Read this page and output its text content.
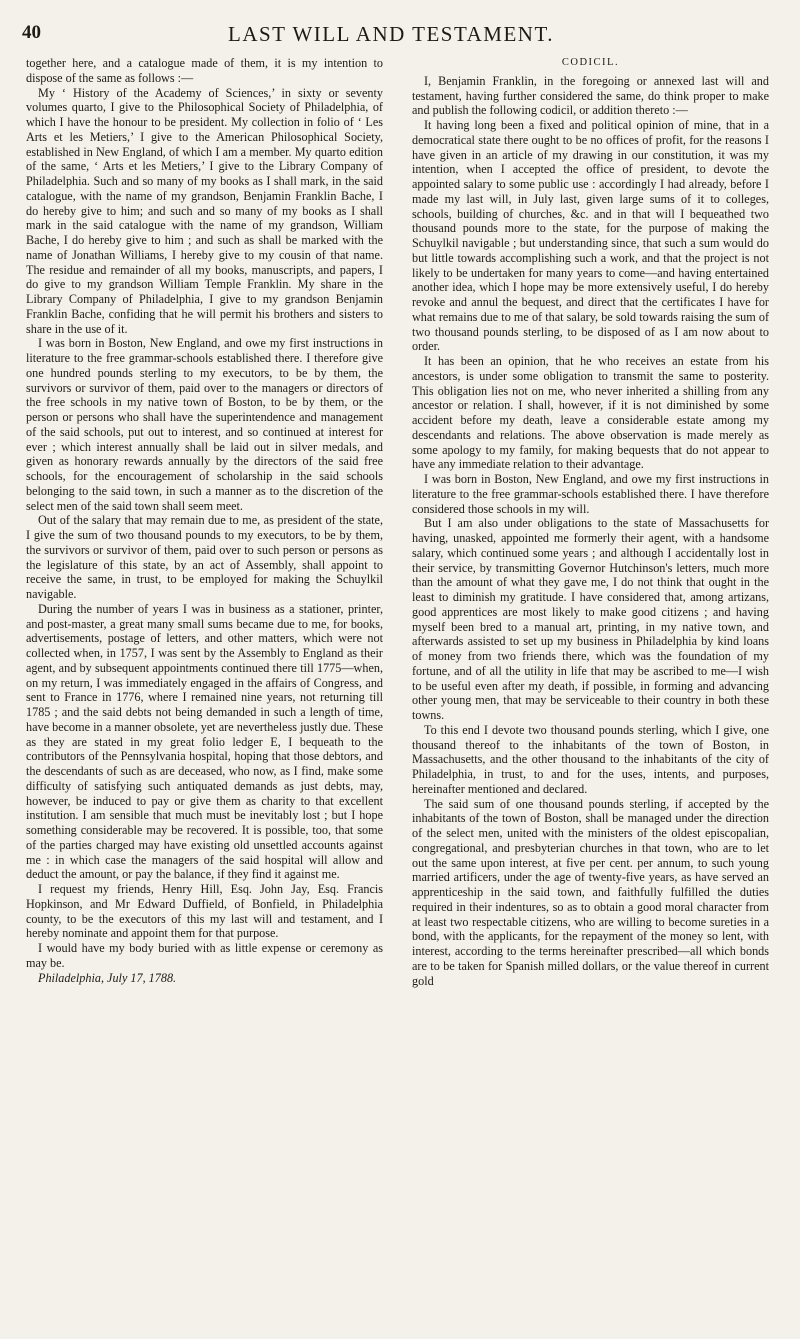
40	LAST WILL AND TESTAMENT.

together here, and a catalogue made of them, it is my intention to dispose of the same as follows :—

My ‘ History of the Academy of Sciences,’ in sixty or seventy volumes quarto, I give to the Philosophical Society of Philadelphia, of which I have the honour to be president. My collection in folio of ‘ Les Arts et les Metiers,’ I give to the American Philosophical Society, established in New England, of which I am a member. My quarto edition of the same, ‘ Arts et les Metiers,’ I give to the Library Company of Philadelphia. Such and so many of my books as I shall mark, in the said catalogue, with the name of my grandson, Benjamin Franklin Bache, I do hereby give to him; and such and so many of my books as I shall mark in the said catalogue with the name of my grandson, William Bache, I do hereby give to him ; and such as shall be marked with the name of Jonathan Williams, I hereby give to my cousin of that name. The residue and remainder of all my books, manuscripts, and papers, I do give to my grandson William Temple Franklin. My share in the Library Company of Philadelphia, I give to my grandson Benjamin Franklin Bache, confiding that he will permit his brothers and sisters to share in the use of it.

I was born in Boston, New England, and owe my first instructions in literature to the free grammar-schools established there. I therefore give one hundred pounds sterling to my executors, to be by them, the survivors or survivor of them, paid over to the managers or directors of the free schools in my native town of Boston, to be by them, or the person or persons who shall have the superintendence and management of the said schools, put out to interest, and so continued at interest for ever ; which interest annually shall be laid out in silver medals, and given as honorary rewards annually by the directors of the said free schools, for the encouragement of scholarship in the said schools belonging to the said town, in such a manner as to the discretion of the select men of the said town shall seem meet.

Out of the salary that may remain due to me, as president of the state, I give the sum of two thousand pounds to my executors, to be by them, the survivors or survivor of them, paid over to such person or persons as the legislature of this state, by an act of Assembly, shall appoint to receive the same, in trust, to be employed for making the Schuylkil navigable.

During the number of years I was in business as a stationer, printer, and post-master, a great many small sums became due to me, for books, advertisements, postage of letters, and other matters, which were not collected when, in 1757, I was sent by the Assembly to England as their agent, and by subsequent appointments continued there till 1775—when, on my return, I was immediately engaged in the affairs of Congress, and sent to France in 1776, where I remained nine years, not returning till 1785 ; and the said debts not being demanded in such a length of time, have become in a manner obsolete, yet are nevertheless justly due. These as they are stated in my great folio ledger E, I bequeath to the contributors of the Pennsylvania hospital, hoping that those debtors, and the descendants of such as are deceased, who now, as I find, make some difficulty of satisfying such antiquated demands as just debts, may, however, be induced to pay or give them as charity to that excellent institution. I am sensible that much must be inevitably lost ; but I hope something considerable may be recovered. It is possible, too, that some of the parties charged may have existing old unsettled accounts against me : in which case the managers of the said hospital will allow and deduct the amount, or pay the balance, if they find it against me.

I request my friends, Henry Hill, Esq. John Jay, Esq. Francis Hopkinson, and Mr Edward Duffield, of Bonfield, in Philadelphia county, to be the executors of this my last will and testament, and I hereby nominate and appoint them for that purpose.

I would have my body buried with as little expense or ceremony as may be.

Philadelphia, July 17, 1788.

CODICIL.

I, Benjamin Franklin, in the foregoing or annexed last will and testament, having further considered the same, do think proper to make and publish the following codicil, or addition thereto :—

It having long been a fixed and political opinion of mine, that in a democratical state there ought to be no offices of profit, for the reasons I have given in an article of my drawing in our constitution, it was my intention, when I accepted the office of president, to devote the appointed salary to some public use : accordingly I had already, before I made my last will, in July last, given large sums of it to colleges, schools, building of churches, &c. and in that will I bequeathed two thousand pounds more to the state, for the purpose of making the Schuylkil navigable ; but understanding since, that such a sum would do but little towards accomplishing such a work, and that the project is not likely to be undertaken for many years to come—and having entertained another idea, which I hope may be more extensively useful, I do hereby revoke and annul the bequest, and direct that the certificates I have for what remains due to me of that salary, be sold towards raising the sum of two thousand pounds sterling, to be disposed of as I am now about to order.

It has been an opinion, that he who receives an estate from his ancestors, is under some obligation to transmit the same to posterity. This obligation lies not on me, who never inherited a shilling from any ancestor or relation. I shall, however, if it is not diminished by some accident before my death, leave a considerable estate among my descendants and relations. The above observation is made merely as some apology to my family, for making bequests that do not appear to have any immediate relation to their advantage.

I was born in Boston, New England, and owe my first instructions in literature to the free grammar-schools established there. I have therefore considered those schools in my will.

But I am also under obligations to the state of Massachusetts for having, unasked, appointed me formerly their agent, with a handsome salary, which continued some years ; and although I accidentally lost in their service, by transmitting Governor Hutchinson's letters, much more than the amount of what they gave me, I do not think that ought in the least to diminish my gratitude. I have considered that, among artizans, good apprentices are most likely to make good citizens ; and having myself been bred to a manual art, printing, in my native town, and afterwards assisted to set up my business in Philadelphia by kind loans of money from two friends there, which was the foundation of my fortune, and of all the utility in life that may be ascribed to me—I wish to be useful even after my death, if possible, in forming and advancing other young men, that may be serviceable to their country in both these towns.

To this end I devote two thousand pounds sterling, which I give, one thousand thereof to the inhabitants of the town of Boston, in Massachusetts, and the other thousand to the inhabitants of the city of Philadelphia, in trust, to and for the uses, intents, and purposes, hereinafter mentioned and declared.

The said sum of one thousand pounds sterling, if accepted by the inhabitants of the town of Boston, shall be managed under the direction of the select men, united with the ministers of the oldest episcopalian, congregational, and presbyterian churches in that town, who are to let out the same upon interest, at five per cent. per annum, to such young married artificers, under the age of twenty-five years, as have served an apprenticeship in the said town, and faithfully fulfilled the duties required in their indentures, so as to obtain a good moral character from at least two respectable citizens, who are willing to become sureties in a bond, with the applicants, for the repayment of the money so lent, with interest, according to the terms hereinafter prescribed—all which bonds are to be taken for Spanish milled dollars, or the value thereof in current gold
